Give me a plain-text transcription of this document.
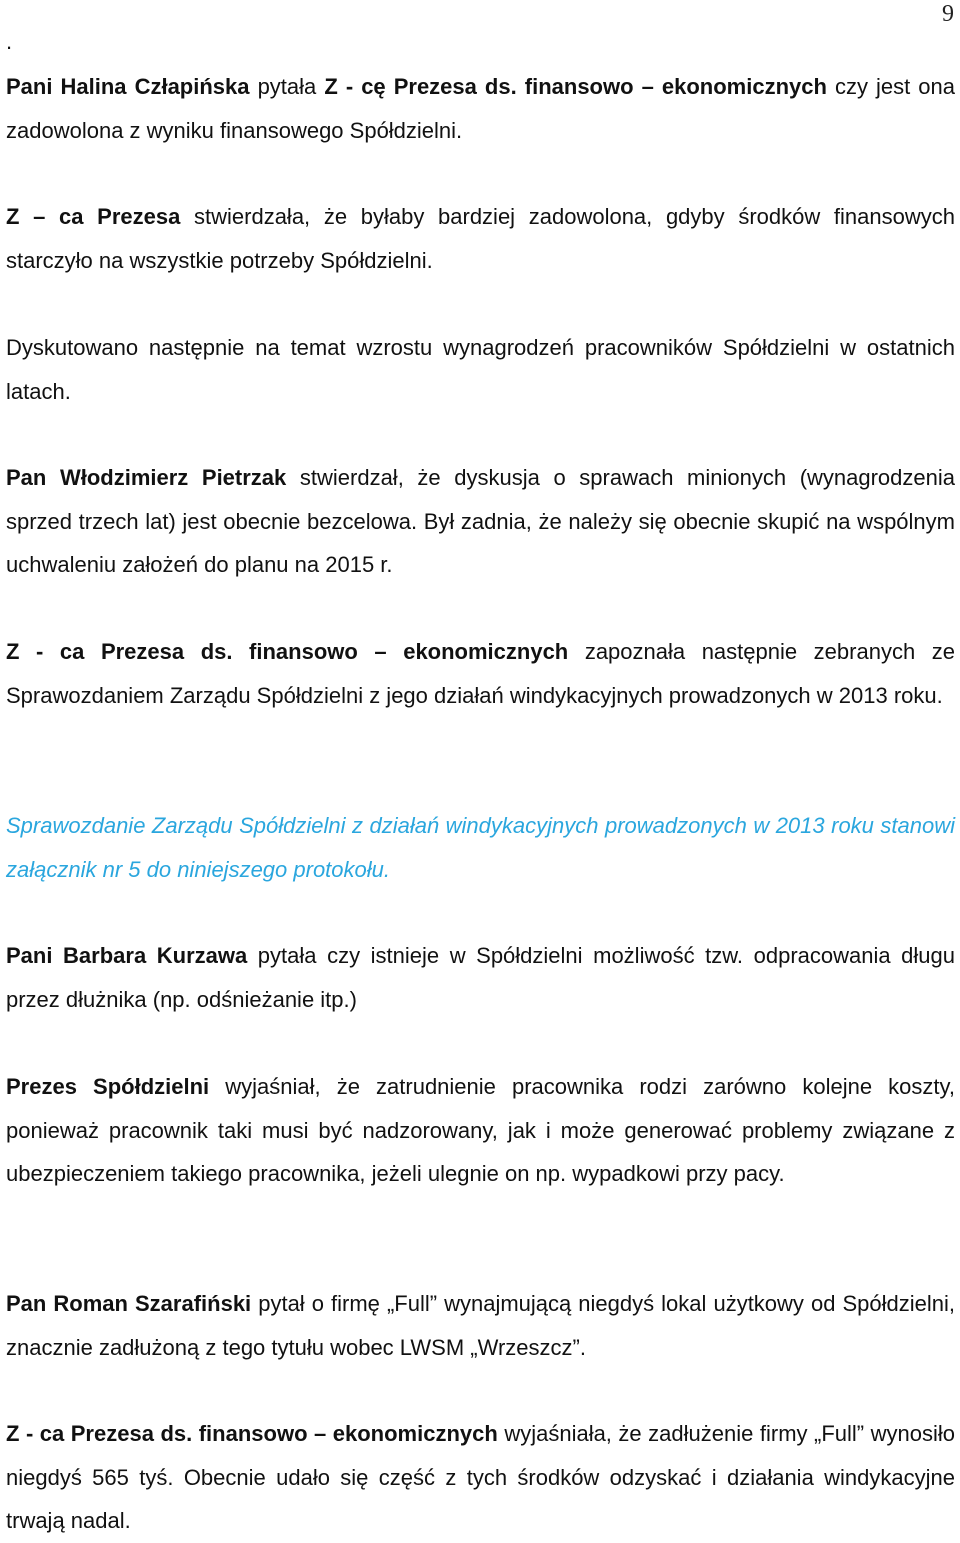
9
.

Pani Halina Człapińska pytała Z - cę Prezesa ds. finansowo – ekonomicznych czy jest ona zadowolona z wyniku finansowego Spółdzielni.

Z – ca Prezesa stwierdzała, że byłaby bardziej zadowolona, gdyby środków finansowych starczyło na wszystkie potrzeby Spółdzielni.

Dyskutowano następnie na temat wzrostu wynagrodzeń pracowników Spółdzielni w ostatnich latach.

Pan Włodzimierz Pietrzak stwierdzał, że dyskusja o sprawach minionych (wynagrodzenia sprzed trzech lat) jest obecnie bezcelowa. Był zadnia, że należy się obecnie skupić na wspólnym uchwaleniu założeń do planu na 2015 r.

Z - ca Prezesa ds. finansowo – ekonomicznych zapoznała następnie zebranych ze Sprawozdaniem Zarządu Spółdzielni z jego działań windykacyjnych prowadzonych w 2013 roku.

Sprawozdanie Zarządu Spółdzielni z działań windykacyjnych prowadzonych w 2013 roku stanowi załącznik nr 5 do niniejszego protokołu.

Pani Barbara Kurzawa pytała czy istnieje w Spółdzielni możliwość tzw. odpracowania długu przez dłużnika (np. odśnieżanie itp.)

Prezes Spółdzielni wyjaśniał, że zatrudnienie pracownika rodzi zarówno kolejne koszty, ponieważ pracownik taki musi być nadzorowany, jak i może generować problemy związane z ubezpieczeniem takiego pracownika, jeżeli ulegnie on np. wypadkowi przy pacy.

Pan Roman Szarafiński pytał o firmę „Full” wynajmującą niegdyś lokal użytkowy od Spółdzielni, znacznie zadłużoną z tego tytułu wobec LWSM „Wrzeszcz”.

Z - ca Prezesa ds. finansowo – ekonomicznych wyjaśniała, że zadłużenie firmy „Full” wynosiło niegdyś 565 tyś. Obecnie udało się część z tych środków odzyskać i działania windykacyjne trwają nadal.
